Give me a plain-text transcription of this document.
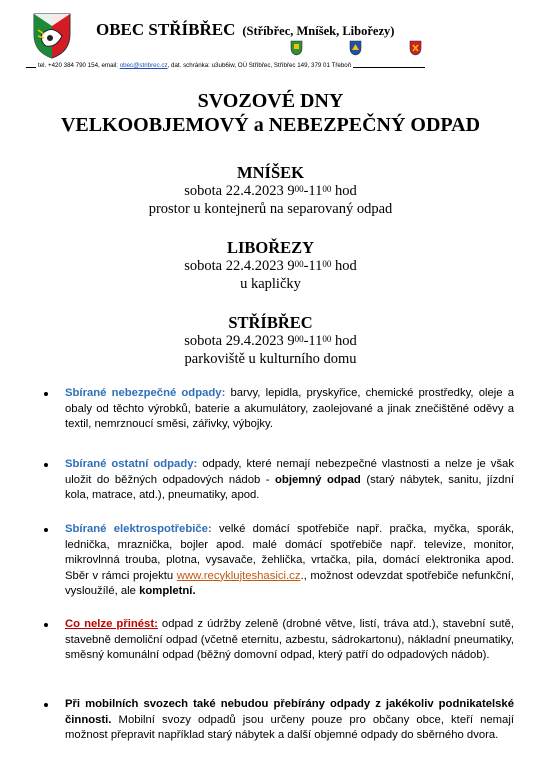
OBEC STŘÍBŘEC (Stříbřec, Mníšek, Libořezy)
tel. +420 384 790 154, email: obec@stribrec.cz, dat. schránka: u3ub6iw, OÚ Stříbřec, Stříbřec 149, 379 01 Třeboň
SVOZOVÉ DNY
VELKOOBJEMOVÝ a NEBEZPEČNÝ ODPAD
MNÍŠEK
sobota 22.4.2023 $9^{00}-11^{00}$ hod
prostor u kontejnerů na separovaný odpad
LIBOŘEZY
sobota 22.4.2023 $9^{00}-11^{00}$ hod
u kapličky
STŘÍBŘEC
sobota 29.4.2023 $9^{00}-11^{00}$ hod
parkoviště u kulturního domu
Sbírané nebezpečné odpady: barvy, lepidla, pryskyřice, chemické prostředky, oleje a obaly od těchto výrobků, baterie a akumulátory, zaolejované a jinak znečištěné oděvy a textil, nemrznoucí směsi, zářivky, výbojky.
Sbírané ostatní odpady: odpady, které nemají nebezpečné vlastnosti a nelze je však uložit do běžných odpadových nádob - objemný odpad (starý nábytek, sanitu, jízdní kola, matrace, atd.), pneumatiky, apod.
Sbírané elektrospotřebiče: velké domácí spotřebiče např. pračka, myčka, sporák, lednička, mraznička, bojler apod. malé domácí spotřebiče např. televize, monitor, mikrovlnná trouba, plotna, vysavače, žehlička, vrtačka, pila, domácí elektronika apod. Sběr v rámci projektu www.recyklujteshasici.cz., možnost odevzdat spotřebiče nefunkční, vysloužílé, ale kompletní.
Co nelze přinést: odpad z údržby zeleně (drobné větve, listí, tráva atd.), stavební sutě, stavebně demoliční odpad (včetně eternitu, azbestu, sádrokartonu), nákladní pneumatiky, směsný komunální odpad (běžný domovní odpad, který patří do odpadových nádob).
Při mobilních svozech také nebudou přebírány odpady z jakékoliv podnikatelské činnosti. Mobilní svozy odpadů jsou určeny pouze pro občany obce, kteří nemají možnost přepravit například starý nábytek a další objemné odpady do sběrného dvora.
